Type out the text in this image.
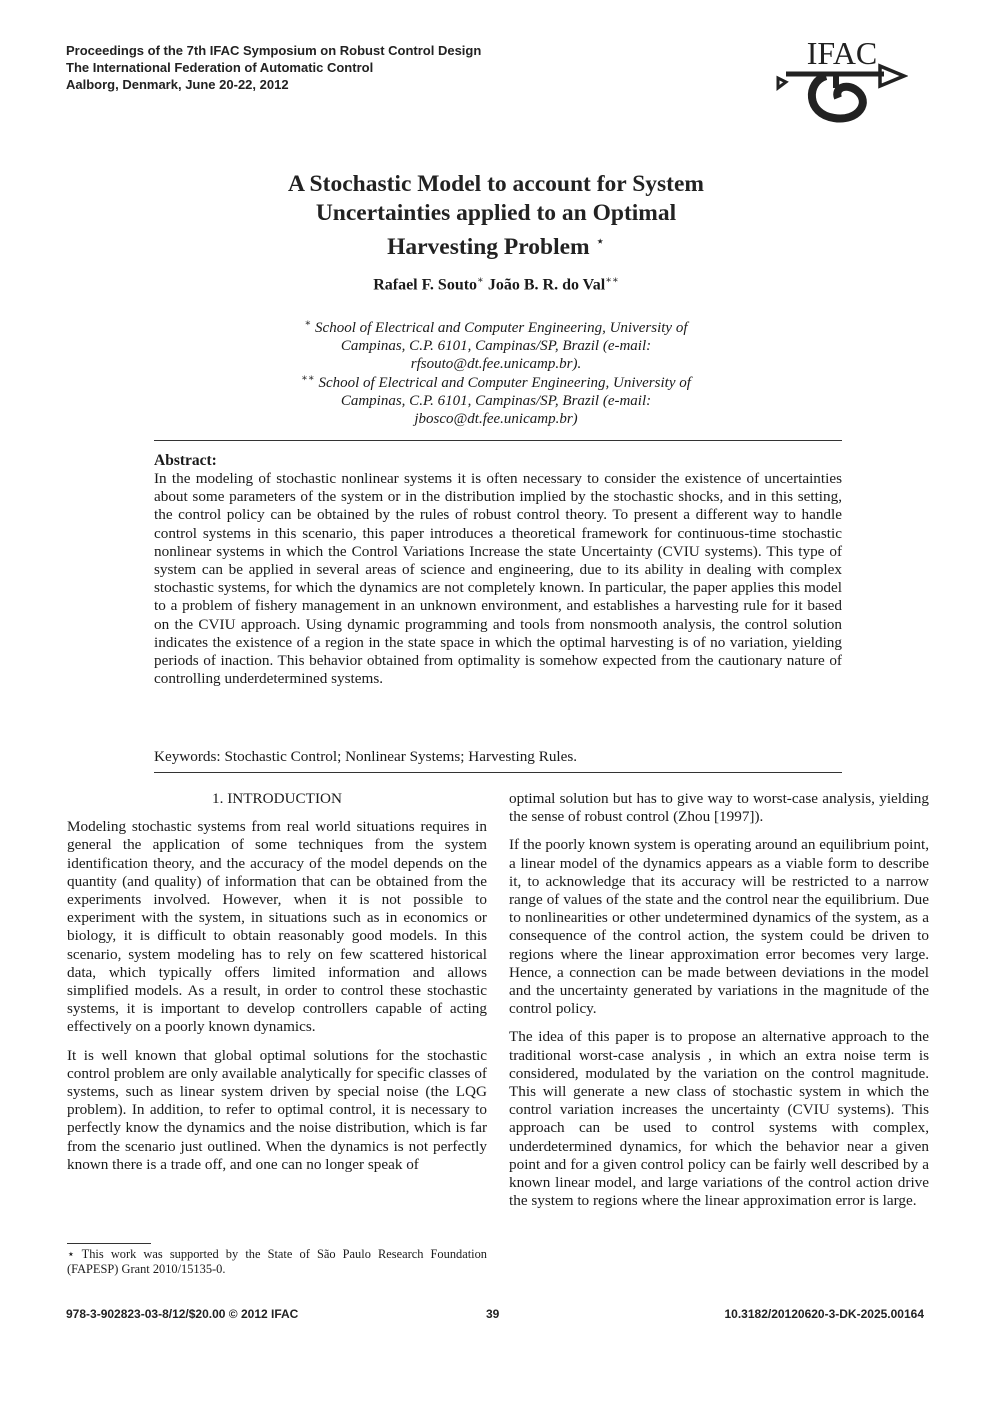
Proceedings of the 7th IFAC Symposium on Robust Control Design
The International Federation of Automatic Control
Aalborg, Denmark, June 20-22, 2012
IFAC
A Stochastic Model to account for System
Uncertainties applied to an Optimal
Harvesting Problem ⋆
Rafael F. Souto∗ João B. R. do Val∗∗
∗ School of Electrical and Computer Engineering, University of
Campinas, C.P. 6101, Campinas/SP, Brazil (e-mail:
rfsouto@dt.fee.unicamp.br).
∗∗ School of Electrical and Computer Engineering, University of
Campinas, C.P. 6101, Campinas/SP, Brazil (e-mail:
jbosco@dt.fee.unicamp.br)
Abstract:
In the modeling of stochastic nonlinear systems it is often necessary to consider the existence of uncertainties about some parameters of the system or in the distribution implied by the stochastic shocks, and in this setting, the control policy can be obtained by the rules of robust control theory. To present a different way to handle control systems in this scenario, this paper introduces a theoretical framework for continuous-time stochastic nonlinear systems in which the Control Variations Increase the state Uncertainty (CVIU systems). This type of system can be applied in several areas of science and engineering, due to its ability in dealing with complex stochastic systems, for which the dynamics are not completely known. In particular, the paper applies this model to a problem of fishery management in an unknown environment, and establishes a harvesting rule for it based on the CVIU approach. Using dynamic programming and tools from nonsmooth analysis, the control solution indicates the existence of a region in the state space in which the optimal harvesting is of no variation, yielding periods of inaction. This behavior obtained from optimality is somehow expected from the cautionary nature of controlling underdetermined systems.
Keywords: Stochastic Control; Nonlinear Systems; Harvesting Rules.
1. INTRODUCTION

Modeling stochastic systems from real world situations requires in general the application of some techniques from the system identification theory, and the accuracy of the model depends on the quantity (and quality) of information that can be obtained from the experiments involved. However, when it is not possible to experiment with the system, in situations such as in economics or biology, it is difficult to obtain reasonably good models. In this scenario, system modeling has to rely on few scattered historical data, which typically offers limited information and allows simplified models. As a result, in order to control these stochastic systems, it is important to develop controllers capable of acting effectively on a poorly known dynamics.

It is well known that global optimal solutions for the stochastic control problem are only available analytically for specific classes of systems, such as linear system driven by special noise (the LQG problem). In addition, to refer to optimal control, it is necessary to perfectly know the dynamics and the noise distribution, which is far from the scenario just outlined. When the dynamics is not perfectly known there is a trade off, and one can no longer speak of

optimal solution but has to give way to worst-case analysis, yielding the sense of robust control (Zhou [1997]).

If the poorly known system is operating around an equilibrium point, a linear model of the dynamics appears as a viable form to describe it, to acknowledge that its accuracy will be restricted to a narrow range of values of the state and the control near the equilibrium. Due to nonlinearities or other undetermined dynamics of the system, as a consequence of the control action, the system could be driven to regions where the linear approximation error becomes very large. Hence, a connection can be made between deviations in the model and the uncertainty generated by variations in the magnitude of the control policy.

The idea of this paper is to propose an alternative approach to the traditional worst-case analysis , in which an extra noise term is considered, modulated by the variation on the control magnitude. This will generate a new class of stochastic system in which the control variation increases the uncertainty (CVIU systems). This approach can be used to control systems with complex, underdetermined dynamics, for which the behavior near a given point and for a given control policy can be fairly well described by a known linear model, and large variations of the control action drive the system to regions where the linear approximation error is large.

⋆ This work was supported by the State of São Paulo Research Foundation (FAPESP) Grant 2010/15135-0.
978-3-902823-03-8/12/$20.00 © 2012 IFAC	39	10.3182/20120620-3-DK-2025.00164
